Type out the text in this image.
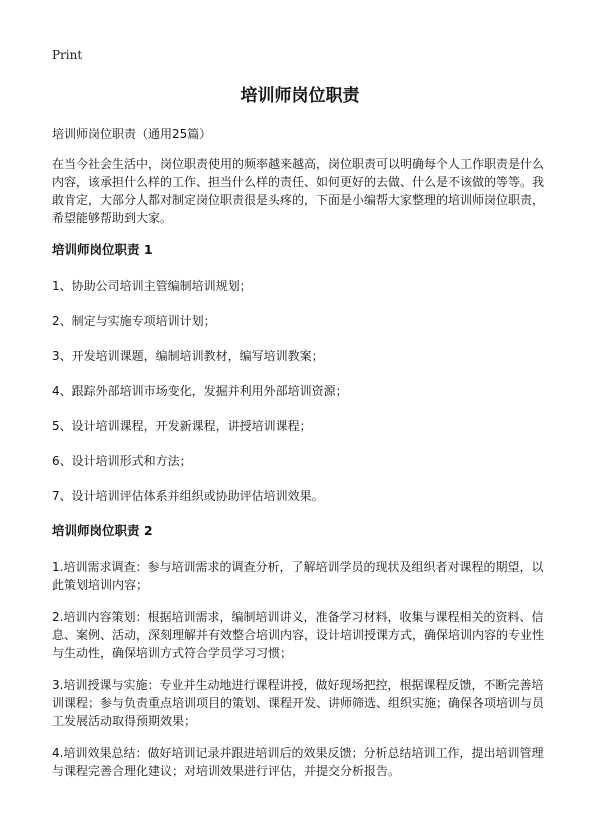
Print
培训师岗位职责
培训师岗位职责（通用25篇）
在当今社会生活中，岗位职责使用的频率越来越高，岗位职责可以明确每个人工作职责是什么内容，该承担什么样的工作、担当什么样的责任、如何更好的去做、什么是不该做的等等。我敢肯定，大部分人都对制定岗位职责很是头疼的，下面是小编帮大家整理的培训师岗位职责，希望能够帮助到大家。
培训师岗位职责 1
1、协助公司培训主管编制培训规划；
2、制定与实施专项培训计划；
3、开发培训课题，编制培训教材，编写培训教案；
4、跟踪外部培训市场变化，发掘并利用外部培训资源；
5、设计培训课程，开发新课程，讲授培训课程；
6、设计培训形式和方法；
7、设计培训评估体系并组织或协助评估培训效果。
培训师岗位职责 2
1.培训需求调查：参与培训需求的调查分析，了解培训学员的现状及组织者对课程的期望，以此策划培训内容；
2.培训内容策划：根据培训需求，编制培训讲义，准备学习材料，收集与课程相关的资料、信息、案例、活动，深刻理解并有效整合培训内容，设计培训授课方式，确保培训内容的专业性与生动性，确保培训方式符合学员学习习惯；
3.培训授课与实施：专业并生动地进行课程讲授，做好现场把控，根据课程反馈，不断完善培训课程；参与负责重点培训项目的策划、课程开发、讲师筛选、组织实施；确保各项培训与员工发展活动取得预期效果；
4.培训效果总结：做好培训记录并跟进培训后的效果反馈；分析总结培训工作，提出培训管理与课程完善合理化建议；对培训效果进行评估，并提交分析报告。
